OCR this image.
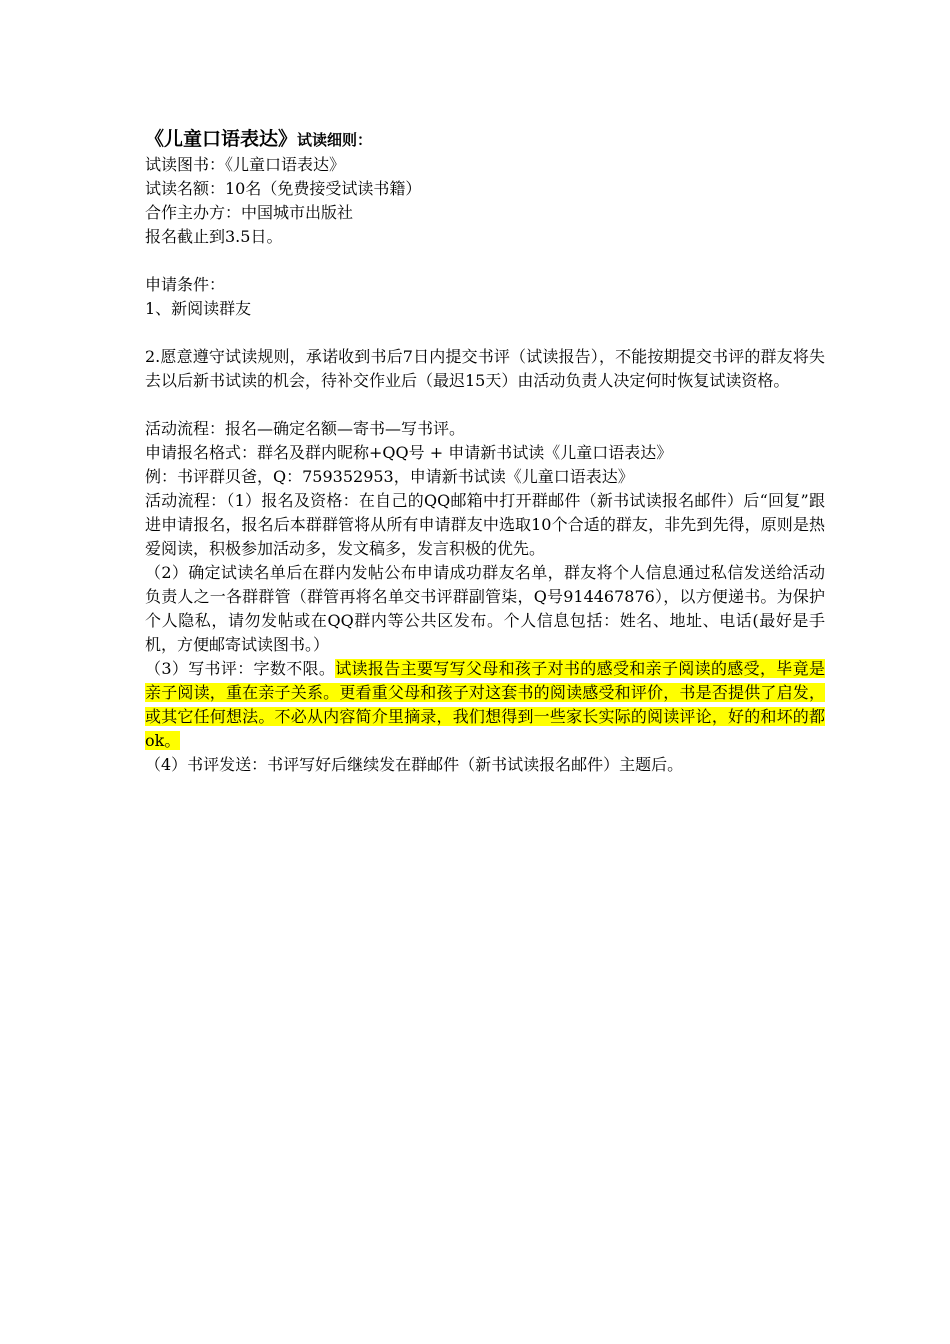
《儿童口语表达》试读细则：

试读图书：《儿童口语表达》

试读名额：10名（免费接受试读书籍）

合作主办方：中国城市出版社

报名截止到3.5日。

申请条件：

1、新阅读群友

2.愿意遵守试读规则，承诺收到书后7日内提交书评（试读报告），不能按期提交书评的群友将失去以后新书试读的机会，待补交作业后（最迟15天）由活动负责人决定何时恢复试读资格。

活动流程：报名—确定名额—寄书—写书评。

申请报名格式：群名及群内昵称+QQ号 + 申请新书试读《儿童口语表达》

例：书评群贝爸，Q：759352953，申请新书试读《儿童口语表达》

活动流程：（1）报名及资格：在自己的QQ邮箱中打开群邮件（新书试读报名邮件）后“回复”跟进申请报名，报名后本群群管将从所有申请群友中选取10个合适的群友，非先到先得，原则是热爱阅读，积极参加活动多，发文稿多，发言积极的优先。

（2）确定试读名单后在群内发帖公布申请成功群友名单，群友将个人信息通过私信发送给活动负责人之一各群群管（群管再将名单交书评群副管柒，Q号914467876），以方便递书。为保护个人隐私，请勿发帖或在QQ群内等公共区发布。个人信息包括：姓名、地址、电话(最好是手机，方便邮寄试读图书。）

（3）写书评：字数不限。试读报告主要写写父母和孩子对书的感受和亲子阅读的感受，毕竟是亲子阅读，重在亲子关系。更看重父母和孩子对这套书的阅读感受和评价，书是否提供了启发，或其它任何想法。不必从内容简介里摘录，我们想得到一些家长实际的阅读评论，好的和坏的都ok。

（4）书评发送：书评写好后继续发在群邮件（新书试读报名邮件）主题后。
